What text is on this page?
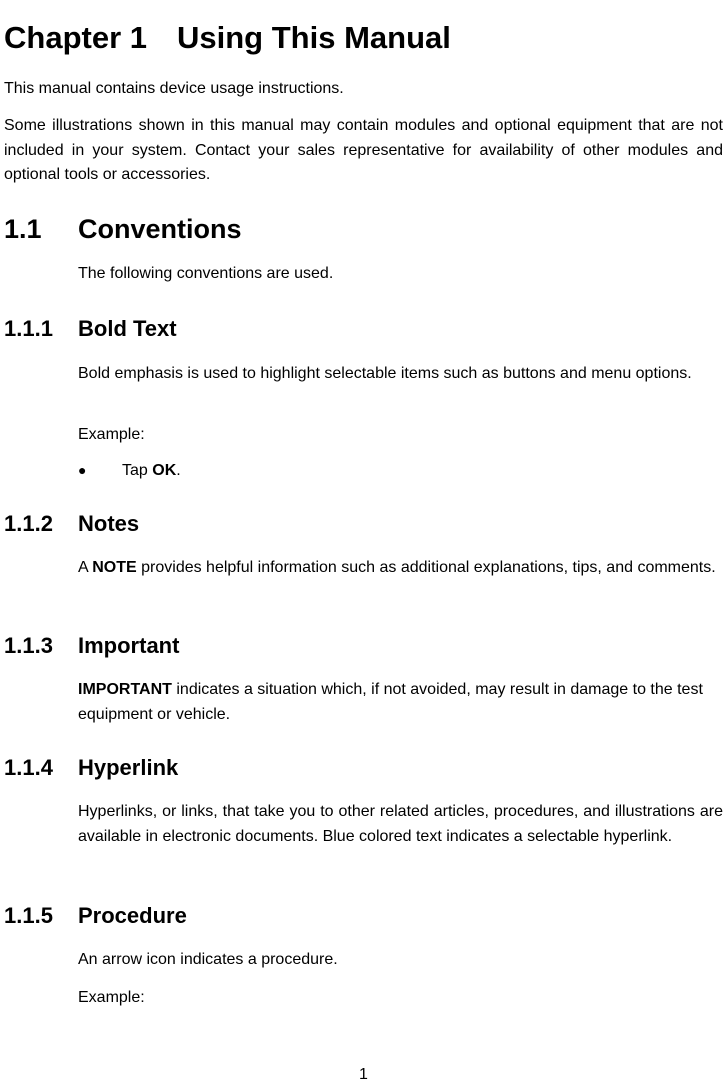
Chapter 1 Using This Manual
This manual contains device usage instructions.
Some illustrations shown in this manual may contain modules and optional equipment that are not included in your system. Contact your sales representative for availability of other modules and optional tools or accessories.
1.1 Conventions
The following conventions are used.
1.1.1 Bold Text
Bold emphasis is used to highlight selectable items such as buttons and menu options.
Example:
● Tap OK.
1.1.2 Notes
A NOTE provides helpful information such as additional explanations, tips, and comments.
1.1.3 Important
IMPORTANT indicates a situation which, if not avoided, may result in damage to the test equipment or vehicle.
1.1.4 Hyperlink
Hyperlinks, or links, that take you to other related articles, procedures, and illustrations are available in electronic documents. Blue colored text indicates a selectable hyperlink.
1.1.5 Procedure
An arrow icon indicates a procedure.
Example:
1
